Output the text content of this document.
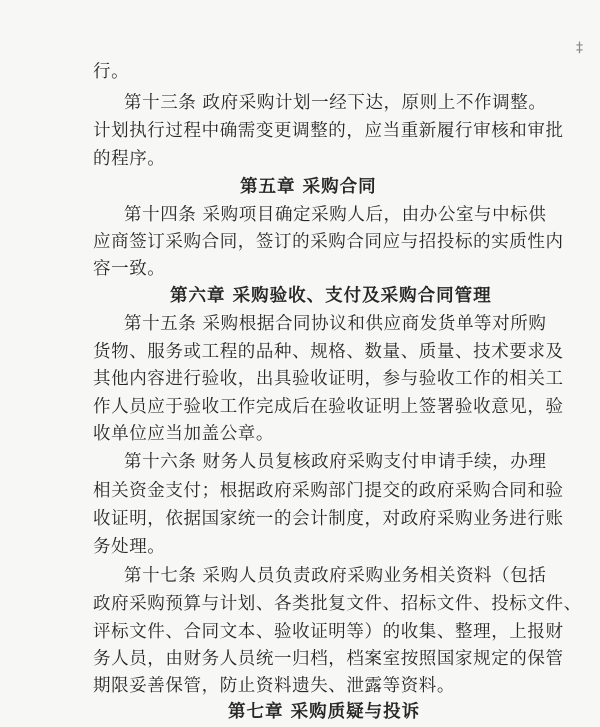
行。
第十三条 政府采购计划一经下达，原则上不作调整。
计划执行过程中确需变更调整的，应当重新履行审核和审批
的程序。
第五章 采购合同
第十四条 采购项目确定采购人后，由办公室与中标供
应商签订采购合同，签订的采购合同应与招投标的实质性内
容一致。
第六章 采购验收、支付及采购合同管理
第十五条 采购根据合同协议和供应商发货单等对所购
货物、服务或工程的品种、规格、数量、质量、技术要求及
其他内容进行验收，出具验收证明，参与验收工作的相关工
作人员应于验收工作完成后在验收证明上签署验收意见，验
收单位应当加盖公章。
第十六条 财务人员复核政府采购支付申请手续，办理
相关资金支付；根据政府采购部门提交的政府采购合同和验
收证明，依据国家统一的会计制度，对政府采购业务进行账
务处理。
第十七条 采购人员负责政府采购业务相关资料（包括
政府采购预算与计划、各类批复文件、招标文件、投标文件、
评标文件、合同文本、验收证明等）的收集、整理，上报财
务人员，由财务人员统一归档，档案室按照国家规定的保管
期限妥善保管，防止资料遗失、泄露等资料。
第七章 采购质疑与投诉
‡
